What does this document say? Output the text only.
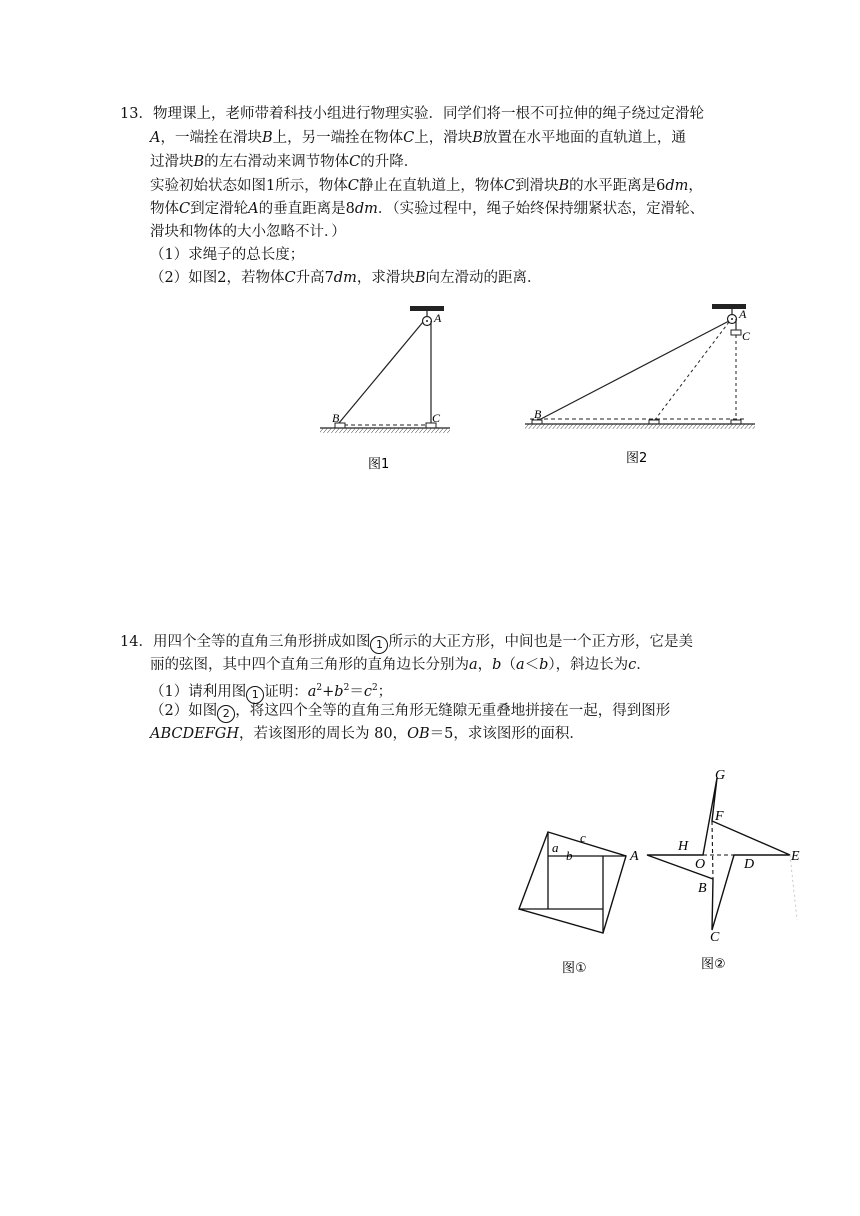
13．物理课上，老师带着科技小组进行物理实验．同学们将一根不可拉伸的绳子绕过定滑轮
A，一端拴在滑块B上，另一端拴在物体C上，滑块B放置在水平地面的直轨道上，通
过滑块B的左右滑动来调节物体C的升降．
实验初始状态如图1所示，物体C静止在直轨道上，物体C到滑块B的水平距离是6dm，
物体C到定滑轮A的垂直距离是8dm．（实验过程中，绳子始终保持绷紧状态，定滑轮、
滑块和物体的大小忽略不计．）
（1）求绳子的总长度；
（2）如图2，若物体C升高7dm，求滑块B向左滑动的距离．
A
B	C
图1
A
C
B
图2
14．用四个全等的直角三角形拼成如图 1 所示的大正方形，中间也是一个正方形，它是美
丽的弦图，其中四个直角三角形的直角边长分别为a，b（a＜b），斜边长为c．
（1）请利用图 1 证明：$a^2+b^2=c^2$；
（2）如图 2 ，将这四个全等的直角三角形无缝隙无重叠地拼接在一起，得到图形
ABCDEFGH，若该图形的周长为 80，OB＝5，求该图形的面积．
a
b
c
图①
G
F
H
A
O	D
E
B
C
图②
